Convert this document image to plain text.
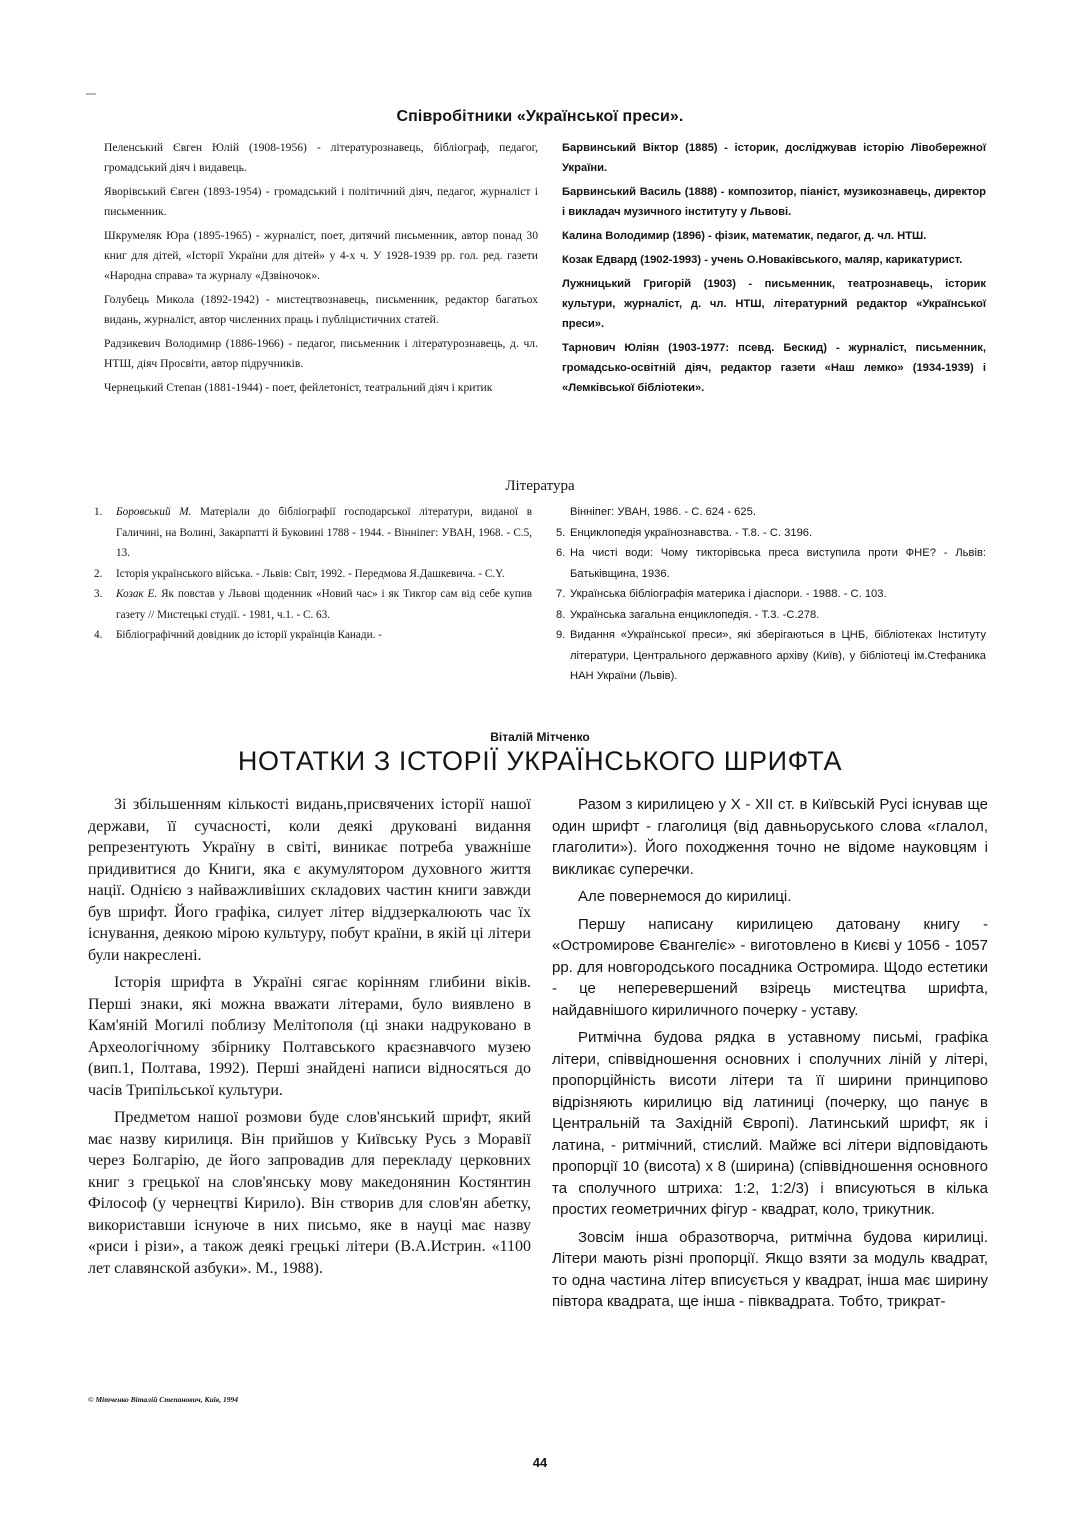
Співробітники «Української преси».

Пеленський Євген Юлій (1908-1956) - літературознавець, бібліограф, педагог, громадський діяч і видавець.

Яворівський Євген (1893-1954) - громадський і політичний діяч, педагог, журналіст і письменник.

Шкрумеляк Юра (1895-1965) - журналіст, поет, дитячий письменник, автор понад 30 книг для дітей, «Історії України для дітей» у 4-х ч. У 1928-1939 рр. гол. ред. газети «Народна справа» та журналу «Дзвіночок».

Голубець Микола (1892-1942) - мистецтвознавець, письменник, редактор багатьох видань, журналіст, автор численних праць і публіцистичних статей.

Радзикевич Володимир (1886-1966) - педагог, письменник і літературознавець, д. чл. НТШ, діяч Просвіти, автор підручників.

Чернецький Степан (1881-1944) - поет, фейлетоніст, театральний діяч і критик

Барвинський Віктор (1885) - історик, досліджував історію Лівобережної України.

Барвинський Василь (1888) - композитор, піаніст, музикознавець, директор і викладач музичного інституту у Львові.

Калина Володимир (1896) - фізик, математик, педагог, д. чл. НТШ.

Козак Едвард (1902-1993) - учень О.Новаківського, маляр, карикатурист.

Лужницький Григорій (1903) - письменник, театрознавець, історик культури, журналіст, д. чл. НТШ, літературний редактор «Української преси».

Тарнович Юліян (1903-1977: псевд. Бескид) - журналіст, письменник, громадсько-освітній діяч, редактор газети «Наш лемко» (1934-1939) і «Лемківської бібліотеки».

Література
1. Боровський М. Матеріали до бібліографії господарської літератури, виданої в Галичині, на Волині, Закарпатті й Буковині 1788 - 1944. - Вінніпег: УВАН, 1968. - С.5, 13.
2. Історія українського війська. - Львів: Світ, 1992. - Передмова Я.Дашкевича. - С.Y.
3. Козак Е. Як повстав у Львові щоденник «Новий час» і як Тикгор сам від себе купив газету // Мистецькі студії. - 1981, ч.1. - С. 63.
4. Бібліографічний довідник до історії українців Канади. -
Вінніпег: УВАН, 1986. - С. 624 - 625.
5. Енциклопедія українознавства. - Т.8. - С. 3196.
6. На чисті води: Чому тикторівська преса виступила проти ФНЕ? - Львів: Батьківщина, 1936.
7. Українська бібліографія материка і діаспори. - 1988. - С. 103.
8. Українська загальна енциклопедія. - Т.3. -С.278.
9. Видання «Української преси», які зберігаються в ЦНБ, бібліотеках Інституту літератури, Центрального державного архіву (Київ), у бібліотеці ім.Стефаника НАН України (Львів).
Віталій Мітченко
НОТАТКИ З ІСТОРІЇ УКРАЇНСЬКОГО ШРИФТА

Зі збільшенням кількості видань,присвячених історії нашої держави, її сучасності, коли деякі друковані видання репрезентують Україну в світі, виникає потреба уважніше придивитися до Книги, яка є акумулятором духовного життя нації. Однією з найважливіших складових частин книги завжди був шрифт. Його графіка, силует літер віддзеркалюють час їх існування, деякою мірою культуру, побут країни, в якій ці літери були накреслені.

Історія шрифта в Україні сягає корінням глибини віків. Перші знаки, які можна вважати літерами, було виявлено в Кам'яній Могилі поблизу Мелітополя (ці знаки надруковано в Археологічному збірнику Полтавського краєзнавчого музею (вип.1, Полтава, 1992). Перші знайдені написи відносяться до часів Трипільської культури.

Предметом нашої розмови буде слов'янський шрифт, який має назву кирилиця. Він прийшов у Київську Русь з Моравії через Болгарію, де його запровадив для перекладу церковних книг з грецької на слов'янську мову македонянин Костянтин Філософ (у чернецтві Кирило). Він створив для слов'ян абетку, використавши існуюче в них письмо, яке в науці має назву «риси і різи», а також деякі грецькі літери (В.А.Истрин. «1100 лет славянской азбуки». М., 1988).

Разом з кирилицею у X - XII ст. в Київській Русі існував ще один шрифт - глаголиця (від давньоруського слова «глалол, глаголити»). Його походження точно не відоме науковцям і викликає суперечки.

Але повернемося до кирилиці.

Першу написану кирилицею датовану книгу - «Остромирове Євангеліє» - виготовлено в Києві у 1056 - 1057 рр. для новгородського посадника Остромира. Щодо естетики - це неперевершений взірець мистецтва шрифта, найдавнішого кириличного почерку - уставу.

Ритмічна будова рядка в уставному письмі, графіка літери, співвідношення основних і сполучних ліній у літері, пропорційність висоти літери та її ширини принципово відрізняють кирилицю від латиниці (почерку, що панує в Центральній та Західній Європі). Латинський шрифт, як і латина, - ритмічний, стислий. Майже всі літери відповідають пропорції 10 (висота) х 8 (ширина) (співвідношення основного та сполучного штриха: 1:2, 1:2/3) і вписуються в кілька простих геометричних фігур - квадрат, коло, трикутник.

Зовсім інша образотворча, ритмічна будова кирилиці. Літери мають різні пропорції. Якщо взяти за модуль квадрат, то одна частина літер вписується у квадрат, інша має ширину півтора квадрата, ще інша - півквадрата. Тобто, трикрат-

© Мітченко Віталій Степанович, Київ, 1994
44
